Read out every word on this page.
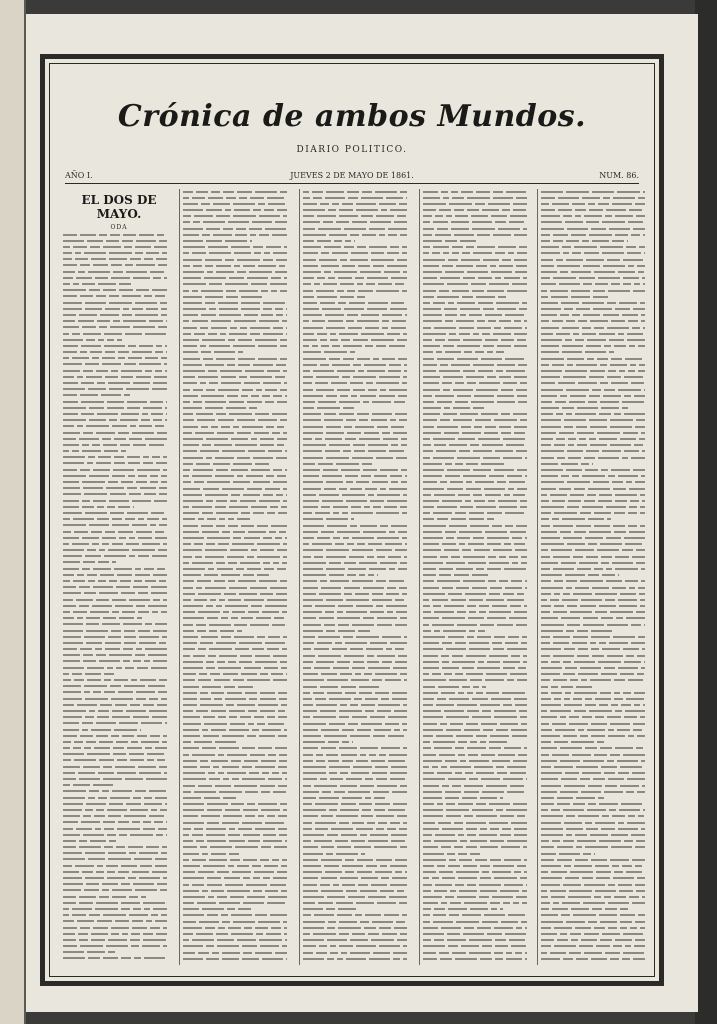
Crónica de ambos Mundos.
DIARIO POLITICO.
AÑO I.	JUEVES 2 DE MAYO DE 1861.	NUM. 86.
EL DOS DE MAYO.
ODA
